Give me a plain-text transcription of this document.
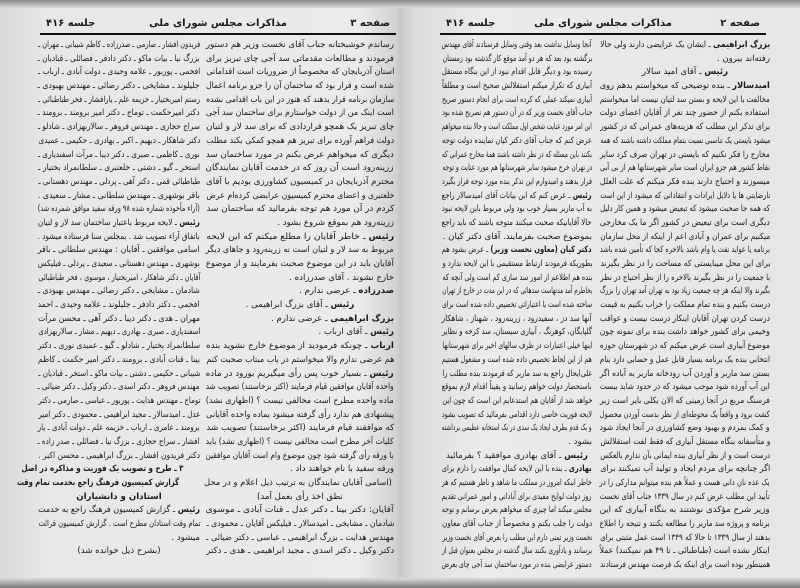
صفحه ۳
مذاکرات مجلس شورای ملی
جلسه ۴۱۶
رساندم خوشبختانه جناب آقای نخست وزیر هم دستور
فرمودند و مطالعات مقدماتی سد آجی چای تبریز برای
استان آذربایجان که مخصوصاً از ضروریات است اقداماتی
شده است و قرار بود که ساختمان آن را جزو برنامه اعمال
سازمان برنامه قرار بدهند که هنوز در این باب اقدامی نشده
است اینک من از دولت خواستارم برای ساختمان سد آجی
چای تبریز یک همچو قراردادی که برای سد لار و لتیان
دولت فراهم آورده برای تبریز هم همچو کمکی بکند مطلب
دیگری که میخواهم عرض بکنم در مورد ساختمان سد
زرینه‌رود است آن روز که در خدمت آقایان نمایندگان
محترم آذربایجان در کمیسیون کشاورزی بودیم با آقای
خلعتبری و اعضای محترم کمیسیون عرایضی کرده‌ام عرض
کردم در آن مورد هم توجه بفرمائید که ساختمان سد
زرینه‌رود هم بموقع شروع بشود .
رئیس ـ خاطر آقایان را مطلع میکنم که این لایحه
مربوط به سد لار و لتیان است نه زرینه‌رود و جاهای دیگر
آقایان باید در این موضوع صحبت بفرمایند و از موضوع
خارج نشوند . آقای صدرزاده .
صدرزاده ـ عرضی ندارم .
رئیس ـ آقای بزرگ ابراهیمی .
بزرگ ابراهیمی ـ عرضی ندارم .
رئیس ـ آقای ارباب .
ارباب ـ چونکه فرمودید از موضوع خارج نشوید بنده
هم عرضی ندارم والا میخواستم در باب مبتاب صحبت کنم
رئیس ـ بسیار خوب پس رأی میگیریم بورود در ماده
واحده آقایان موافقین قیام فرمایند (اکثر برخاستند) تصویب شد
ماده واحده مطرح است مخالفی نیست ؟ (اظهاری نشد)
پیشنهادی هم ندارد رأی گرفته میشود بماده واحده آقایانی
که موافقند قیام فرمایند (اکثر برخاستند) تصویب شد
کلیات آخر مطرح است مخالفی نیست ؟ (اظهاری نشد) باید
با ورقه رأی گرفته شود چون موضوع وام است آقایان موافقین
ورقه سفید با نام خواهند داد .
(اسامی آقایان نمایندگان به ترتیب ذیل اعلام و در محل
نطق اخذ رأی بعمل آمد)
آقایان: دکتر بینا ـ دکتر عدل ـ قنات آبادی ـ موسوی
شادمان ـ مشایخی ـ امیدسالار ـ فیلیکس آقایان ـ محمودی ـ
مهندس هدایت ـ بزرگ ابراهیمی ـ عباسی ـ دکتر ضیائی ـ
دکتر وکیل ـ دکتر اسدی ـ مجید ابراهیمی ـ هدی ـ دکتر
فریدون افشار ـ صارمی ـ صدرزاده ـ کاظم شیبانی ـ مهران ـ
بزرگ نیا ـ بیات ماکو ـ دکتر دادفر ـ فضائلی ـ قبادیان ـ
افخمی ـ پوربور ـ علامه وحیدی ـ دولت آبادی ـ ارباب ـ
جلیلوند ـ مشایخی ـ دکتر رضائی ـ مهندس بهبودی ـ
رستم امیربختیار ـ خزیمه علم ـ یارافشار ـ فخر طباطبائی ـ
دکتر امیرحکمت ـ توماج ـ دکتر امیر برومند ـ برومند ـ
سراج حجازی ـ مهندس فروهر ـ سالاربهزادی ـ شادلو ـ
دکتر شاهکار ـ دیهیم ـ اکبر ـ بهادری ـ حکیمی ـ عمیدی
نوری ـ کاظمی ـ صبری ـ دکتر دیبا ـ مرآت اسفندیاری ـ
استخر ـ گیو ـ دشتی ـ خلعتبری ـ سلطانمراد بختیار ـ
طباطبائی قمی ـ دکتر آهی ـ پردلی ـ مهندس دهستانی ـ
باقر بوشهری ـ مهندس سلطانی ـ مشار ـ سعیدی .
(آراء مأخوذه شماره شده ۹۸ ورقه سفید موافق شمرده شد)
رئیس ـ لایحه مربوط باعتبار ساختمان سد لار و لتیان
باتفاق آراء تصویب شد . بمجلس سنا فرستاده میشود .
اسامی موافقین ـ آقایان : مهندس سلطانی ـ باقر
بوشهری ـ مهندس دهستانی ـ سعیدی ـ پردلی ـ فیلیکس
آقایان ـ دکتر شاهکار ، امیربختیار ، موسوی ، فخر طباطبائی
شادمان ـ مشایخی ـ دکتر رضائی ـ مهندس بهبودی ـ
افخمی ـ دکتر دادفر ـ جلیلوند ـ علامه وحیدی ـ احمد
مهران ـ هدی ـ دکتر دیبا ـ دکتر آهی ـ محسن مرآت
اسفندیاری ـ صبری ـ بهادری ـ دیهیم ـ مشار ـ سالاربهزادی
سلطانمراد بختیار ـ شادلو ـ گیو ـ عمیدی نوری ـ دکتر
بینا ـ قنات آبادی ـ برومند ـ دکتر امیر حکمت ـ کاظم
شیبانی ـ حکیمی ـ دشتی ـ بیات ماکو ـ استخر ـ قبادیان ـ
مهندس فروهر ـ دکتر اسدی ـ دکتر وکیل ـ دکتر ضیائی ـ
توماج ـ مهندس هدایت ـ پوربور ـ عباسی ـ صارمی ـ دکتر
عدل ـ امیدسالار ـ مجید ابراهیمی ـ محمودی ـ دکتر امیر
برومند ـ عامری ـ ارباب ـ خزیمه علم ـ دولت آبادی ـ یار
افشار ـ سراج حجازی ـ بزرگ نیا ـ فضائلی ـ صدر زاده ـ
دکتر فریدون افشار ـ بزرگ ابراهیمی ـ محسن اکبر .
۳ ـ طرح و تصویب یک فوریت و مذاکره در اصل
گزارش کمیسیون فرهنگ راجع بخدمت تمام وقت
استادان و دانشیاران
رئیس ـ گزارش کمیسیون فرهنگ راجع به خدمت
تمام وقت استادان مطرح است . گزارش کمیسیون قرائت
میشود .
(بشرح ذیل خوانده شد)
صفحه ۲
مذاکرات مجلس شورای ملی
جلسه ۴۱۶
بزرگ ابراهیمی ـ ایشان یک عرایضی دارند ولی حالا
رفته‌اند بیرون .
رئیس ـ آقای امید سالار
امیدسالار ـ بنده توضیحی که میخواستم بدهم روی
مخالفت با این لایحه و بستن سد لتیان نیست اما میخواستم
استفاده بکنم از حضور چند نفر از آقایان اعضای دولت
برای تذکر این مطلب که هزینه‌های عمرانی که در کشور
میشود بایستی یک تناسبی نسبت بتمام مملکت داشته باشند که همه
مخارج را فکر نکنیم که بایستی در تهران صرف کرد سایر
نقاط کشور هم جزو ایران است سایر شهرستانها هم از بی آبی
میسوزند و احتیاج دارند بنده فکر میکنم که علت العلل
نارضایتی ها یا دلایل ایرادات و انتقاداتی که میشود از این است
که همه جا صحبت میشود که تبعیض میشود و همین کار دلیل
دیگری است برای تبعیض در کشور اگر ما یک مخارجی
میکنیم برای عمران و آبادی اعم از اینکه از محل سازمان
برنامه یا عواید نفت یا وام باشد بالاخره کجا که تأمین شده باشد
برای این محل میبایستی که مساحت را در نظر بگیرند
با جمعیت را در نظر بگیرند بالاخره را از نظر احتیاج در نظر
بگیرند والا اینکه هر چه جمعیت زیاد بود به تهران آمد تهران را بزرگ
درست بکنیم و بنده تمام مملکت را خراب بکنیم به قیمت
درست کردن تهران آقایان اینکار درست نیست و عواقب
وخیمی برای کشور خواهد داشت بنده برای نمونه چون
موضوع آبیاری است عرض میکنم که در شهرستان حوزه
انتخابی بنده یک برنامه بسیار قابل عمل و حسابی دارد بنام
بستن سد ماربر و آوردن آب رودخانه ماربر به آباده اگر
این آب آورده شود موجب میشود که در حدود شاید بیست
فرسنگ مربع در آنجا زمینی که الان بکلی بایر است زیر
کشت برود و واقعاً یک محوطه‌ای از نظر بدست آوردن محصول
و کمک بمردم و بهبود وضع کشاورزی در آنجا ایجاد شود
و متأسفانه بنگاه مستقل آبیاری که فقط لفت استقلالش
درست است و از نظر آبیاری بنده ایمانی بآن ندارم بالعکس
اگر چنانچه برای مردم ایجاد و تولید آب نمیکنند برای
یک عده نان دانی هست و عملاً هم بنده میتوانم مدارکی را در
تأیید این مطلب عرض کنم در سال ۱۳۳۹ جناب آقای نخست
وزیر شرح مؤکدی نوشتند به بنگاه آبیاری که این
برنامه و پروژه سد ماربر را مطالعه بکنند و نتیجه را اطلاع
بدهند از سال ۱۳۳۹ تا حالا که ۱۳۴۹ است عمل مثبتی برای
اینکار نشده است (طباطبائی ـ تا ۴۹ هم نمیکنند) عملاً
همینطور بوده است برای اینکه یک فرصت مهندس فرستادند
آنجا وسایل نداشت بعد وقتی وسایل فرستادند آقای مهندس
برگشته بود بعد که هر دو آمد موقع کار گذشته بود زمستان
رسیده بود و دیگر قابل اقدام نبود از این بنگاه مستقل
آبیاری که تکرار میکنم استقلالش صحیح است و مطلقاً
آبیاری نمیکند عملی که کرده است برای انجام دستور صریح
جناب آقای نخست وزیر که در آن دستور هم تصریح شده بود
این امر مورد عنایت شخص اول مملکت است و حالا بنده میخواهم
عرض کنم که جناب آقای دکتر کیان نماینده دولت توجه
بکنند باین مسئله که در نظر داشته باشند همهٔ مخارج عمرانی که
در تهران خرج میشود سایر شهرستانها هم مورد عنایت و توجه
قرار بدهند و امیدوارم این تذکر بنده مورد توجه قرار بگیرد
رئیس ـ عرض کنم که این بیانات آقای امیدسالار راجع
به آب ماربر بسیار خوب بود ولی مربوط باین لایحه نبود
حالا آقایانیکه صحبت میکنند متوجه باشند که باید راجع
بموضوع صحبت بفرمایند. آقای دکتر کیان .
دکتر کیان (معاون نخست وزیر) ـ عرض بشود هم
بطوریکه فرمودند ارتباط مستقیمی با این لایحه ندارد و
بنده هم اطلاعم از امور سد سازی کم است ولی آنچه که
بخاطرم آمد مدتهاست سدهائی که در این مدت در خارج از تهران
ساخته شده است یا اعتباراتی تخصیص داده شده است برای
آنها سد دز ، سفیدرود ، زرینه‌رود ، شهناز ، شاهکار
گلپایگان، کوهرنگ ، آبیاری سیستان، سد کرخه و نظایر
اینها خیلی اعتبارات در ظرف سالهای اخیر برای شهرستانها
هم از این لحاظ تخصیص داده شده است و مشغول هستیم
علی‌ایحال راجع به سد ماربر که فرمودند بنده مطلب را
باستحضار دولت خواهم رسانید و یقیناً اقدام لازم بموقع
خواهد شد از آقایان هم استدعایم این است که چون این
لایحه فوریت خاصی دارد اقدامی بفرمائید که تصویب بشود
و یک قدم بطرف ایجاد یک سدی در یک استخانه عظیمی برداشته
بشود .
رئیس ـ آقای بهادری موافقید ؟ بفرمائید
بهادری ـ بنده با این لایحه کمال موافقت را دارم برای
خاطر اینکه امروز در مملکت ما شاهد و ناظر هستیم که هر
روز دولت لوایح مفیدی برای آبادانی و امور عمرانی تقدیم
مجلس میکند اما چیزی که میخواهم بعرض برسانم و توجه
دولت را جلب بکنم و مخصوصاً از جناب آقای معاون
نخست وزیر تمنی دارم این مطلب را بعرض آقای نخست وزیر
برسانند و یادآوری بکنند سال گذشته در مجلس بعنوان قبل از
دستور عرایضی بنده در مورد ساختمان سد آجی چای بعرض
